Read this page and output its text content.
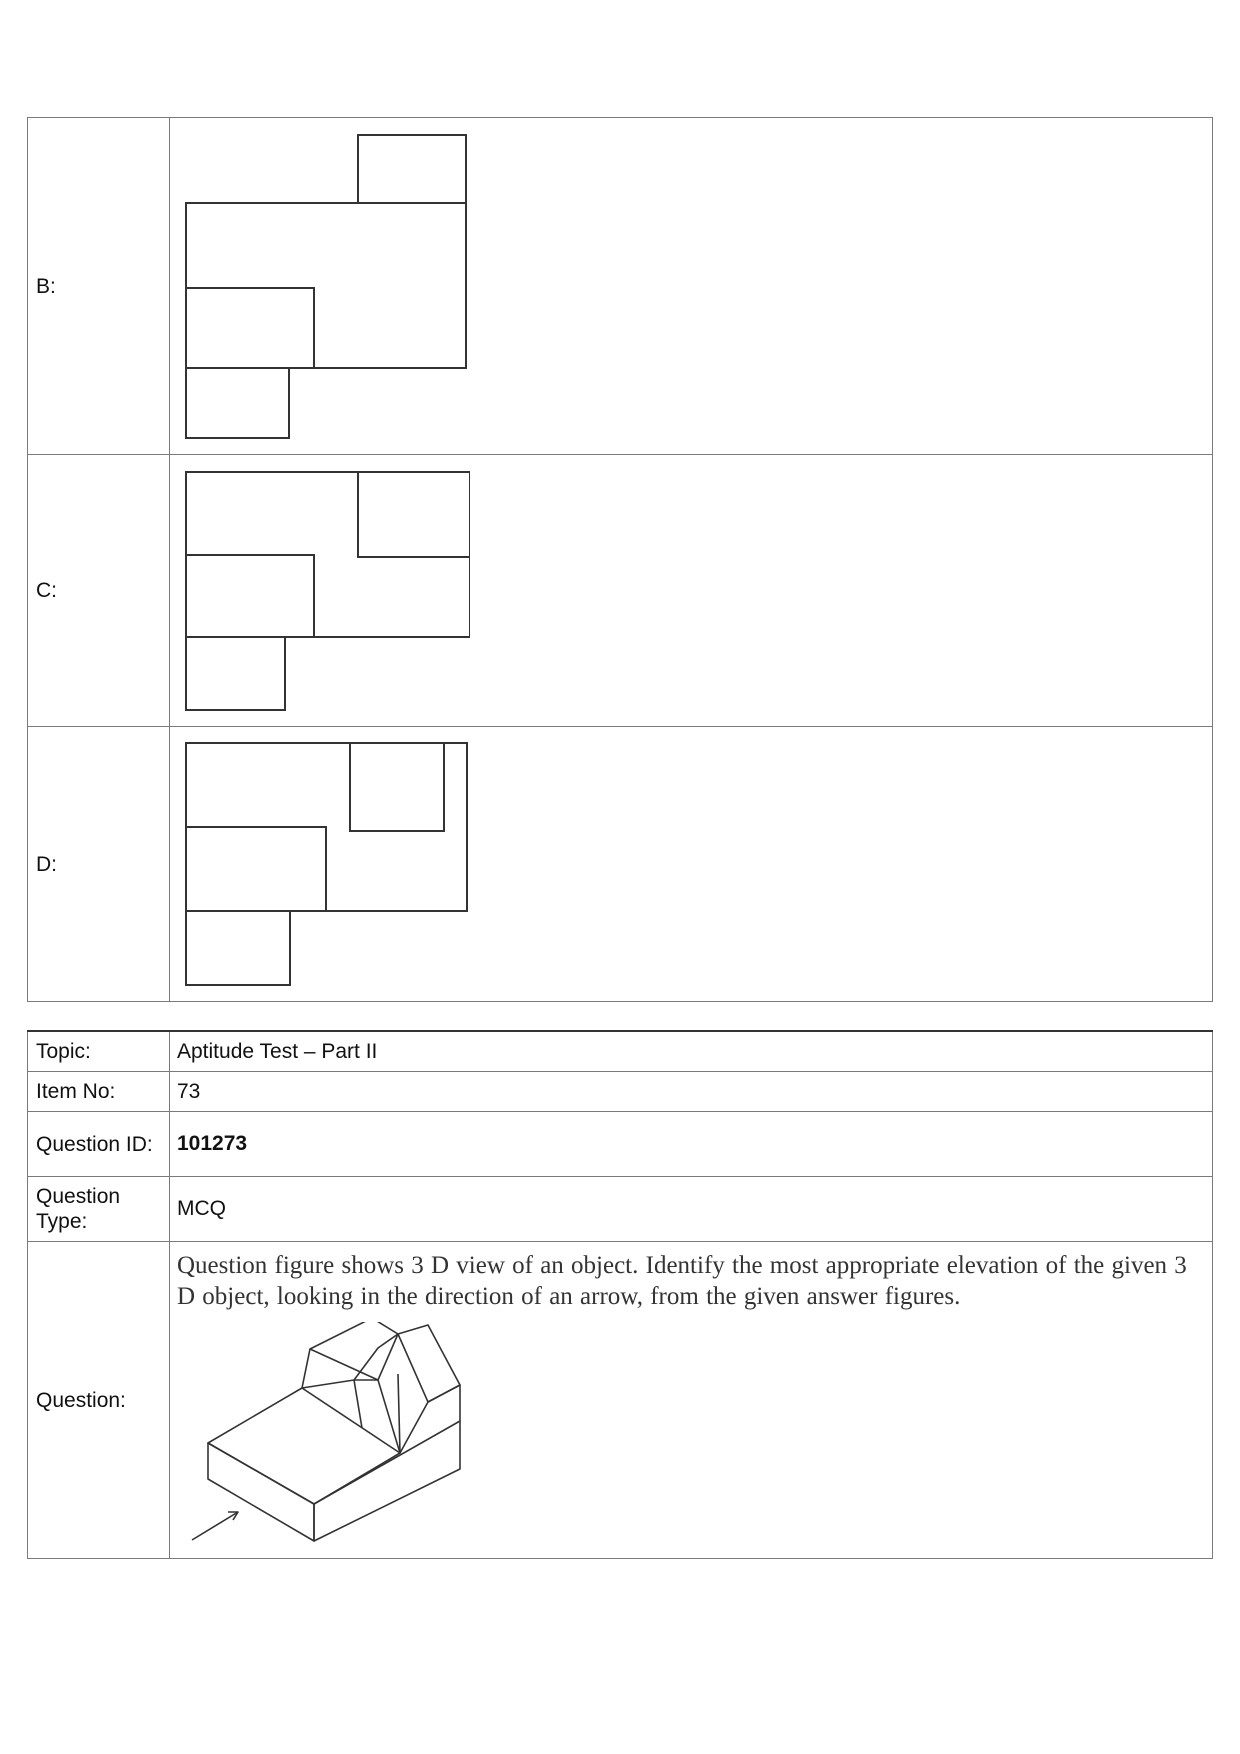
B:	

C:	

D:	
Topic:	Aptitude Test – Part II
Item No:	73
Question ID:	101273
Question Type:	MCQ
Question:	Question figure shows 3 D view of an object. Identify the most appropriate elevation of the given 3 D object, looking in the direction of an arrow, from the given answer figures.
